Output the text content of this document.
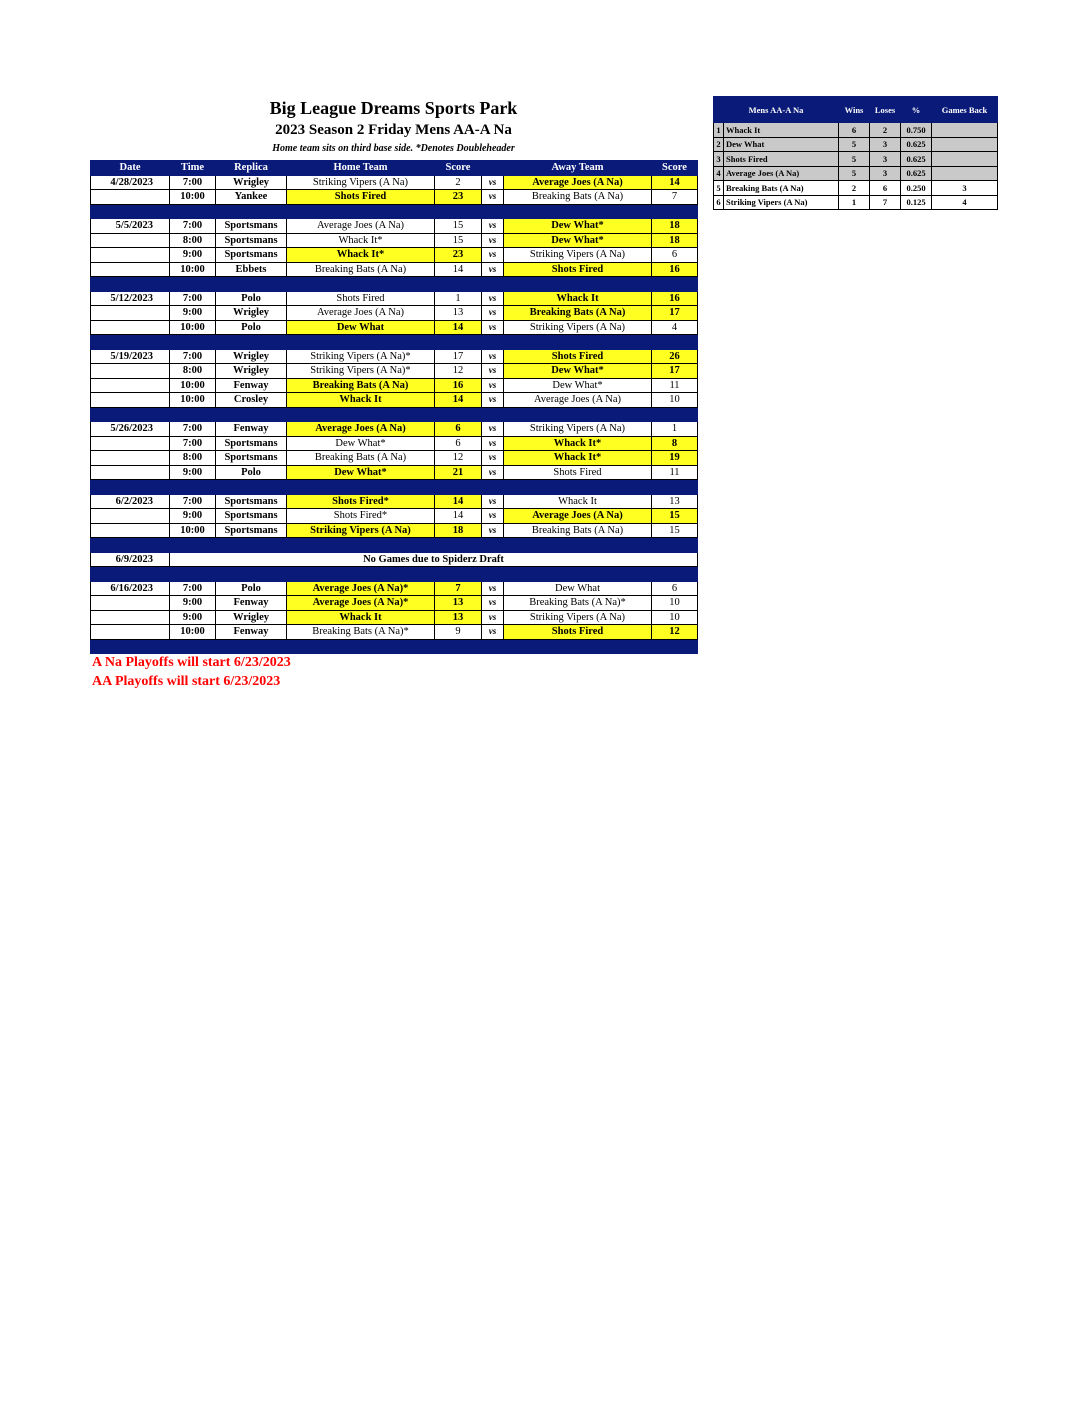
Big League Dreams Sports Park
2023 Season 2 Friday Mens AA-A Na
Home team sits on third base side. *Denotes Doubleheader
Date	Time	Replica	Home Team	Score		Away Team	Score
4/28/2023	7:00	Wrigley	Striking Vipers (A Na)	2	vs	Average Joes (A Na)	14
	10:00	Yankee	Shots Fired	23	vs	Breaking Bats (A Na)	7

5/5/2023	7:00	Sportsmans	Average Joes (A Na)	15	vs	Dew What*	18
	8:00	Sportsmans	Whack It*	15	vs	Dew What*	18
	9:00	Sportsmans	Whack It*	23	vs	Striking Vipers (A Na)	6
	10:00	Ebbets	Breaking Bats (A Na)	14	vs	Shots Fired	16

5/12/2023	7:00	Polo	Shots Fired	1	vs	Whack It	16
	9:00	Wrigley	Average Joes (A Na)	13	vs	Breaking Bats (A Na)	17
	10:00	Polo	Dew What	14	vs	Striking Vipers (A Na)	4

5/19/2023	7:00	Wrigley	Striking Vipers (A Na)*	17	vs	Shots Fired	26
	8:00	Wrigley	Striking Vipers (A Na)*	12	vs	Dew What*	17
	10:00	Fenway	Breaking Bats (A Na)	16	vs	Dew What*	11
	10:00	Crosley	Whack It	14	vs	Average Joes (A Na)	10

5/26/2023	7:00	Fenway	Average Joes (A Na)	6	vs	Striking Vipers (A Na)	1
	7:00	Sportsmans	Dew What*	6	vs	Whack It*	8
	8:00	Sportsmans	Breaking Bats (A Na)	12	vs	Whack It*	19
	9:00	Polo	Dew What*	21	vs	Shots Fired	11

6/2/2023	7:00	Sportsmans	Shots Fired*	14	vs	Whack It	13
	9:00	Sportsmans	Shots Fired*	14	vs	Average Joes (A Na)	15
	10:00	Sportsmans	Striking Vipers (A Na)	18	vs	Breaking Bats (A Na)	15

6/9/2023	No Games due to Spiderz Draft						

6/16/2023	7:00	Polo	Average Joes (A Na)*	7	vs	Dew What	6
	9:00	Fenway	Average Joes (A Na)*	13	vs	Breaking Bats (A Na)*	10
	9:00	Wrigley	Whack It	13	vs	Striking Vipers (A Na)	10
	10:00	Fenway	Breaking Bats (A Na)*	9	vs	Shots Fired	12

Mens AA-A Na		Wins	Loses	%	Games Back
1	Whack It	6	2	0.750	
2	Dew What	5	3	0.625	
3	Shots Fired	5	3	0.625	
4	Average Joes (A Na)	5	3	0.625	
5	Breaking Bats (A Na)	2	6	0.250	3
6	Striking Vipers (A Na)	1	7	0.125	4
A Na Playoffs will start 6/23/2023
AA Playoffs will start 6/23/2023
